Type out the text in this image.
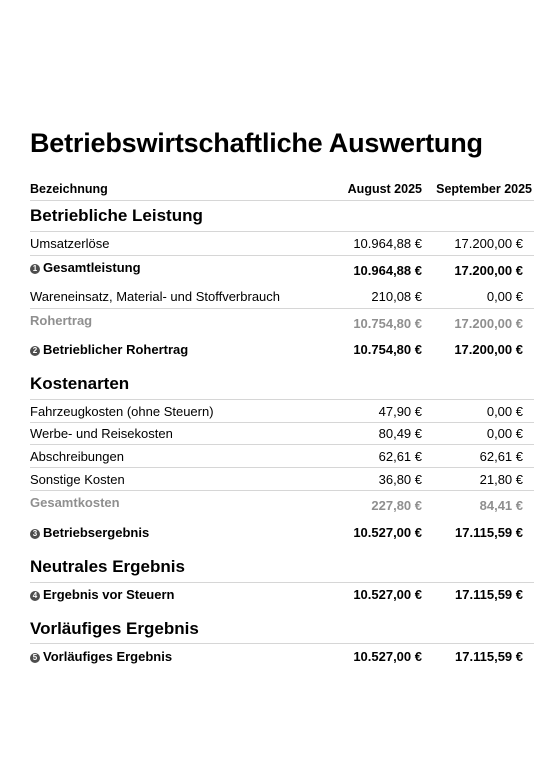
Betriebswirtschaftliche Auswertung
Bezeichnung	August 2025 September 2025
Betriebliche Leistung
Umsatzerlöse	10.964,88 € 17.200,00 €
1 Gesamtleistung	10.964,88 € 17.200,00 €
Wareneinsatz, Material- und Stoffverbrauch	210,08 €	0,00 €
Rohertrag	10.754,80 € 17.200,00 €
2 Betrieblicher Rohertrag	10.754,80 € 17.200,00 €
Kostenarten
Fahrzeugkosten (ohne Steuern)	47,90 €	0,00 €
Werbe- und Reisekosten	80,49 €	0,00 €
Abschreibungen	62,61 €	62,61 €
Sonstige Kosten	36,80 €	21,80 €
Gesamtkosten	227,80 €	84,41 €
3 Betriebsergebnis	10.527,00 €	17.115,59 €
Neutrales Ergebnis
4 Ergebnis vor Steuern	10.527,00 €	17.115,59 €
Vorläufiges Ergebnis
5 Vorläufiges Ergebnis	10.527,00 €	17.115,59 €
